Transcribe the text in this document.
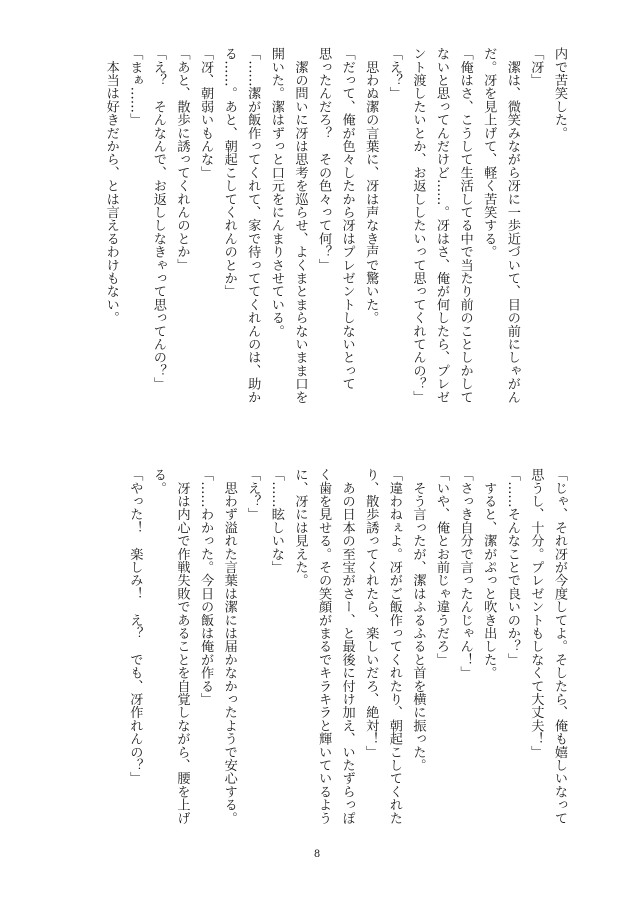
内で苦笑した。
「冴」
　潔は、微笑みながら冴に一歩近づいて、目の前にしゃがん
だ。冴を見上げて、軽く苦笑する。
「俺はさ、こうして生活してる中で当たり前のことしかして
ないと思ってんだけど……。冴はさ、俺が何したら、プレゼ
ント渡したいとか、お返ししたいって思ってくれてんの？」
「え？」
　思わぬ潔の言葉に、冴は声なき声で驚いた。
「だって、俺が色々したから冴はプレゼントしないとって
思ったんだろ？　その色々って何？」
　潔の問いに冴は思考を巡らせ、よくまとまらないまま口を
開いた。潔はずっと口元をにんまりさせている。
「……潔が飯作ってくれて、家で待っててくれんのは、助か
る……。あと、朝起こしてくれんのとか」
「冴、朝弱いもんな」
「あと、散歩に誘ってくれんのとか」
「え？　そんなんで、お返ししなきゃって思ってんの？」
「まぁ……」
　本当は好きだから、とは言えるわけもない。
「じゃ、それ冴が今度してよ。そしたら、俺も嬉しいなって
思うし、十分。プレゼントもしなくて大丈夫！」
「……そんなことで良いのか？」
　すると、潔がぷっと吹き出した。
「さっき自分で言ったんじゃん！」
「いや、俺とお前じゃ違うだろ」
　そう言ったが、潔はふるふると首を横に振った。
「違わねぇよ。冴がご飯作ってくれたり、朝起こしてくれた
り、散歩誘ってくれたら、楽しいだろ、絶対！」
　あの日本の至宝がさー、と最後に付け加え、いたずらっぽ
く歯を見せる。その笑顔がまるでキラキラと輝いているよう
に、冴には見えた。
「……眩しいな」
「え？」
　思わず溢れた言葉は潔には届かなかったようで安心する。
「……わかった。今日の飯は俺が作る」
　冴は内心で作戦失敗であることを自覚しながら、腰を上げ
る。
「やった！　楽しみ！　え？　でも、冴作れんの？」
8
